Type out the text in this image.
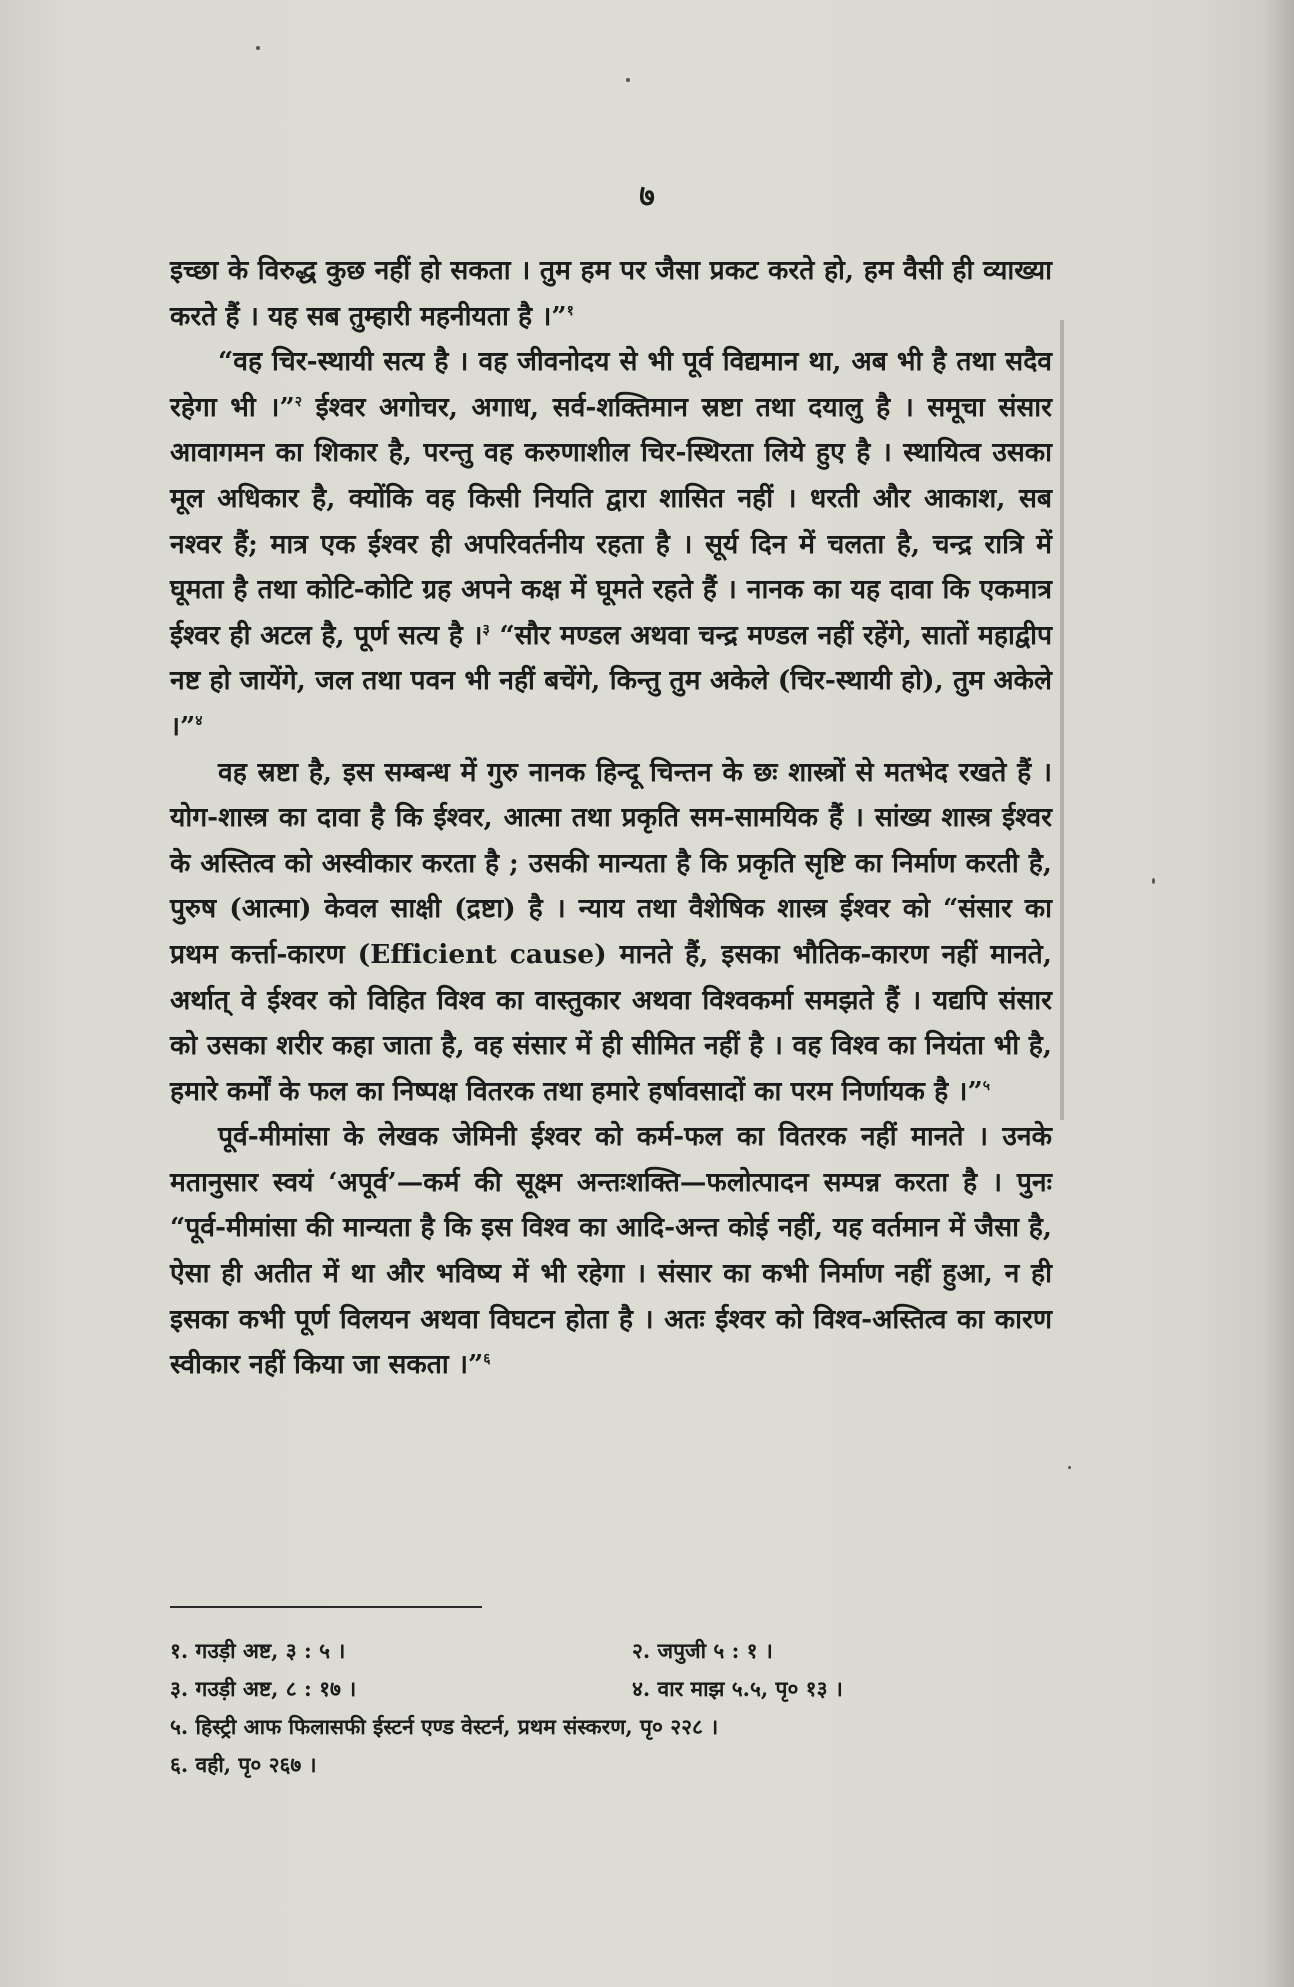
७

इच्छा के विरुद्ध कुछ नहीं हो सकता । तुम हम पर जैसा प्रकट करते हो, हम वैसी ही व्याख्या करते हैं । यह सब तुम्हारी महनीयता है ।”$^१$

“वह चिर-स्थायी सत्य है । वह जीवनोदय से भी पूर्व विद्यमान था, अब भी है तथा सदैव रहेगा भी ।”$^२$ ईश्वर अगोचर, अगाध, सर्व-शक्तिमान स्रष्टा तथा दयालु है । समूचा संसार आवागमन का शिकार है, परन्तु वह करुणाशील चिर-स्थिरता लिये हुए है । स्थायित्व उसका मूल अधिकार है, क्योंकि वह किसी नियति द्वारा शासित नहीं । धरती और आकाश, सब नश्वर हैं; मात्र एक ईश्वर ही अपरिवर्तनीय रहता है । सूर्य दिन में चलता है, चन्द्र रात्रि में घूमता है तथा कोटि-कोटि ग्रह अपने कक्ष में घूमते रहते हैं । नानक का यह दावा कि एकमात्र ईश्वर ही अटल है, पूर्ण सत्य है ।$^३$ “सौर मण्डल अथवा चन्द्र मण्डल नहीं रहेंगे, सातों महाद्वीप नष्ट हो जायेंगे, जल तथा पवन भी नहीं बचेंगे, किन्तु तुम अकेले (चिर-स्थायी हो), तुम अकेले ।”$^४$

वह स्रष्टा है, इस सम्बन्ध में गुरु नानक हिन्दू चिन्तन के छः शास्त्रों से मतभेद रखते हैं । योग-शास्त्र का दावा है कि ईश्वर, आत्मा तथा प्रकृति सम-सामयिक हैं । सांख्य शास्त्र ईश्वर के अस्तित्व को अस्वीकार करता है ; उसकी मान्यता है कि प्रकृति सृष्टि का निर्माण करती है, पुरुष (आत्मा) केवल साक्षी (द्रष्टा) है । न्याय तथा वैशेषिक शास्त्र ईश्वर को “संसार का प्रथम कर्त्ता-कारण (Efficient cause) मानते हैं, इसका भौतिक-कारण नहीं मानते, अर्थात् वे ईश्वर को विहित विश्व का वास्तुकार अथवा विश्वकर्मा समझते हैं । यद्यपि संसार को उसका शरीर कहा जाता है, वह संसार में ही सीमित नहीं है । वह विश्व का नियंता भी है, हमारे कर्मों के फल का निष्पक्ष वितरक तथा हमारे हर्षावसादों का परम निर्णायक है ।”$^५$

पूर्व-मीमांसा के लेखक जेमिनी ईश्वर को कर्म-फल का वितरक नहीं मानते । उनके मतानुसार स्वयं ‘अपूर्व’—कर्म की सूक्ष्म अन्तःशक्ति—फलोत्पादन सम्पन्न करता है । पुनः “पूर्व-मीमांसा की मान्यता है कि इस विश्व का आदि-अन्त कोई नहीं, यह वर्तमान में जैसा है, ऐसा ही अतीत में था और भविष्य में भी रहेगा । संसार का कभी निर्माण नहीं हुआ, न ही इसका कभी पूर्ण विलयन अथवा विघटन होता है । अतः ईश्वर को विश्व-अस्तित्व का कारण स्वीकार नहीं किया जा सकता ।”$^६$

१. गउड़ी अष्ट, ३ : ५ ।	२. जपुजी ५ : १ ।
३. गउड़ी अष्ट, ८ : १७ ।	४. वार माझ ५.५, पृ० १३ ।
५. हिस्ट्री आफ फिलासफी ईस्टर्न एण्ड वेस्टर्न, प्रथम संस्करण, पृ० २२८ ।
६. वही, पृ० २६७ ।
